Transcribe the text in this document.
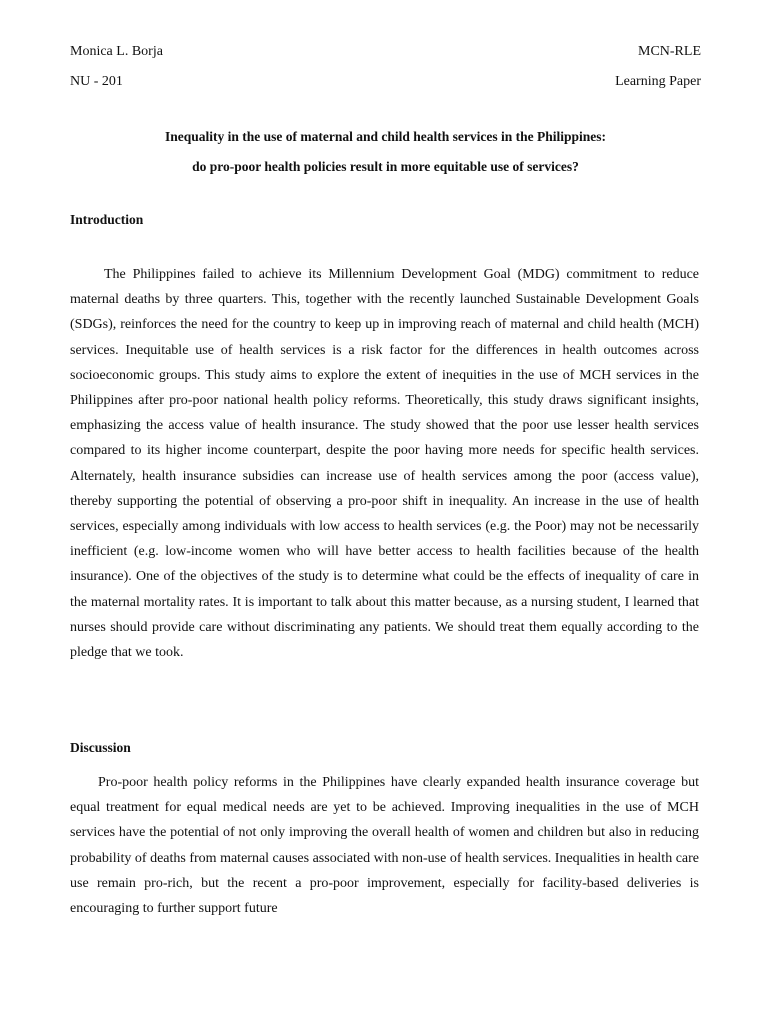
Monica L. Borja	MCN-RLE
NU - 201	Learning Paper
Inequality in the use of maternal and child health services in the Philippines:
do pro-poor health policies result in more equitable use of services?
Introduction

The Philippines failed to achieve its Millennium Development Goal (MDG) commitment to reduce maternal deaths by three quarters. This, together with the recently launched Sustainable Development Goals (SDGs), reinforces the need for the country to keep up in improving reach of maternal and child health (MCH) services. Inequitable use of health services is a risk factor for the differences in health outcomes across socioeconomic groups. This study aims to explore the extent of inequities in the use of MCH services in the Philippines after pro-poor national health policy reforms. Theoretically, this study draws significant insights, emphasizing the access value of health insurance. The study showed that the poor use lesser health services compared to its higher income counterpart, despite the poor having more needs for specific health services. Alternately, health insurance subsidies can increase use of health services among the poor (access value), thereby supporting the potential of observing a pro-poor shift in inequality. An increase in the use of health services, especially among individuals with low access to health services (e.g. the Poor) may not be necessarily inefficient (e.g. low-income women who will have better access to health facilities because of the health insurance). One of the objectives of the study is to determine what could be the effects of inequality of care in the maternal mortality rates. It is important to talk about this matter because, as a nursing student, I learned that nurses should provide care without discriminating any patients. We should treat them equally according to the pledge that we took.

Discussion

Pro-poor health policy reforms in the Philippines have clearly expanded health insurance coverage but equal treatment for equal medical needs are yet to be achieved. Improving inequalities in the use of MCH services have the potential of not only improving the overall health of women and children but also in reducing probability of deaths from maternal causes associated with non-use of health services. Inequalities in health care use remain pro-rich, but the recent a pro-poor improvement, especially for facility-based deliveries is encouraging to further support future
